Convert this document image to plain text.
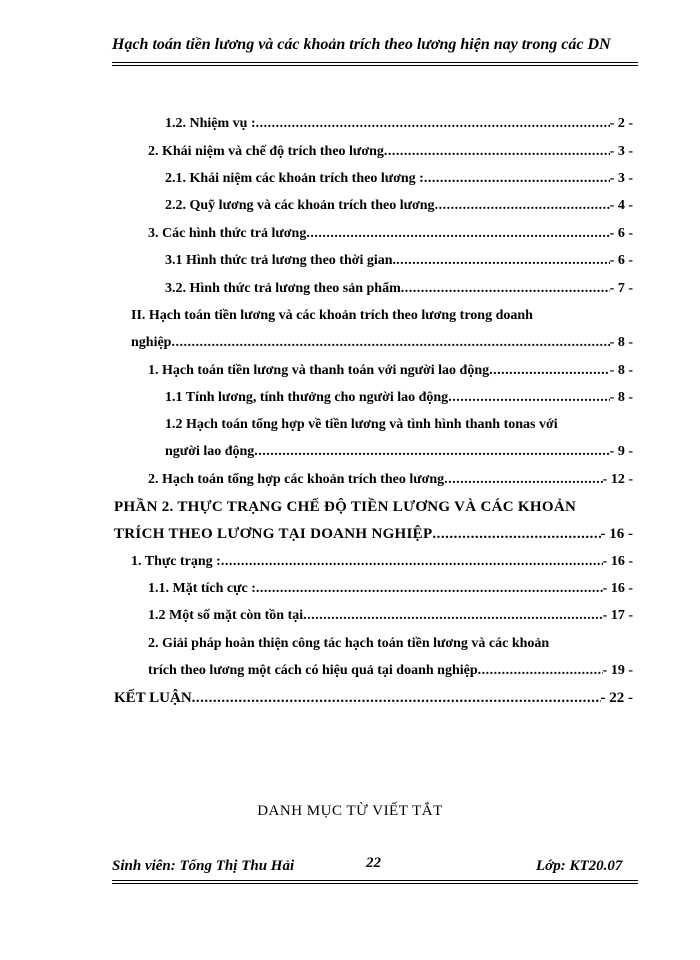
Hạch toán tiền lương và các khoản trích theo lương hiện nay trong các DN
1.2. Nhiệm vụ : .....	- 2 -
2. Khái niệm và chế độ trích theo lương .....	- 3 -
2.1. Khái niệm các khoản trích theo lương : .....	- 3 -
2.2. Quỹ lương và các khoản trích theo lương .....	- 4 -
3. Các hình thức trả lương .....	- 6 -
3.1 Hình thức trả lương theo thời gian. .....	- 6 -
3.2. Hình thức trả lương theo sản phẩm .....	- 7 -
II. Hạch toán tiền lương và các khoản trích theo lương trong doanh
nghiệp .....	- 8 -
1. Hạch toán tiền lương và thanh toán với người lao động .....	- 8 -
1.1 Tính lương, tính thưởng cho người lao động .....	- 8 -
1.2 Hạch toán tổng hợp về tiền lương và tình hình thanh tonas với
người lao động .....	- 9 -
2. Hạch toán tổng hợp các khoản trích theo lương .....	- 12 -
PHẦN 2. THỰC TRẠNG CHẾ ĐỘ TIỀN LƯƠNG VÀ CÁC KHOẢN
TRÍCH THEO LƯƠNG TẠI DOANH NGHIỆP .....	- 16 -
1. Thực trạng : .....	- 16 -
1.1. Mặt tích cực : .....	- 16 -
1.2 Một số mặt còn tồn tại .....	- 17 -
2. Giải pháp hoàn thiện công tác hạch toán tiền lương và các khoản
trích theo lương một cách có hiệu quả tại doanh nghiệp .....	- 19 -
KẾT LUẬN .....	- 22 -
DANH MỤC TỪ VIẾT TẮT
Sinh viên: Tống Thị Thu Hải	22	Lớp: KT20.07
